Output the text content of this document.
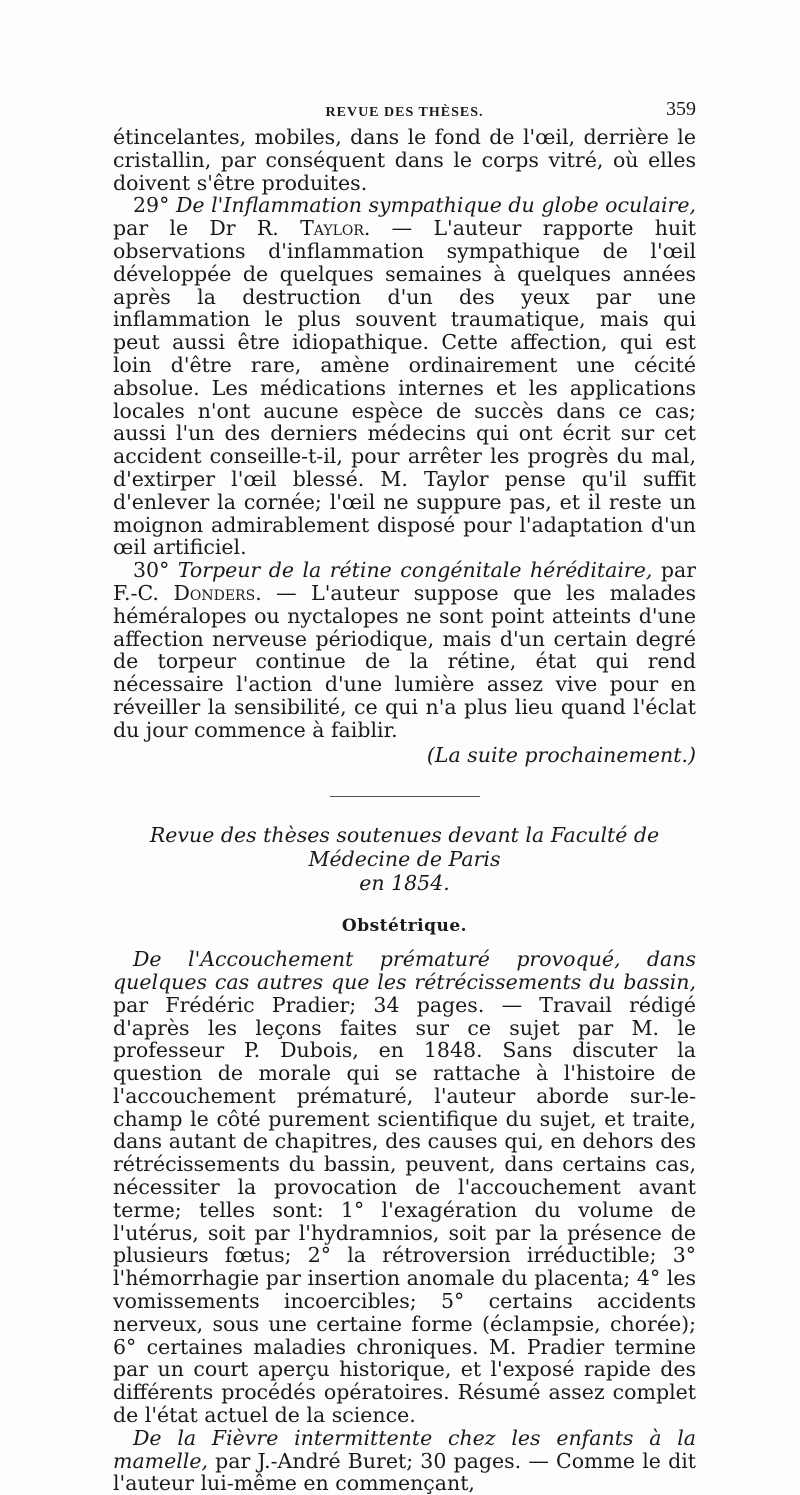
REVUE DES THÈSES.	359

étincelantes, mobiles, dans le fond de l'œil, derrière le cristallin, par conséquent dans le corps vitré, où elles doivent s'être produites.

29° De l'Inflammation sympathique du globe oculaire, par le Dr R. Taylor. — L'auteur rapporte huit observations d'inflammation sympathique de l'œil développée de quelques semaines à quelques années après la destruction d'un des yeux par une inflammation le plus souvent traumatique, mais qui peut aussi être idiopathique. Cette affection, qui est loin d'être rare, amène ordinairement une cécité absolue. Les médications internes et les applications locales n'ont aucune espèce de succès dans ce cas; aussi l'un des derniers médecins qui ont écrit sur cet accident conseille-t-il, pour arrêter les progrès du mal, d'extirper l'œil blessé. M. Taylor pense qu'il suffit d'enlever la cornée; l'œil ne suppure pas, et il reste un moignon admirablement disposé pour l'adaptation d'un œil artificiel.

30° Torpeur de la rétine congénitale héréditaire, par F.-C. Donders. — L'auteur suppose que les malades héméralopes ou nyctalopes ne sont point atteints d'une affection nerveuse périodique, mais d'un certain degré de torpeur continue de la rétine, état qui rend nécessaire l'action d'une lumière assez vive pour en réveiller la sensibilité, ce qui n'a plus lieu quand l'éclat du jour commence à faiblir.

(La suite prochainement.)

Revue des thèses soutenues devant la Faculté de Médecine de Paris
en 1854.

Obstétrique.

De l'Accouchement prématuré provoqué, dans quelques cas autres que les rétrécissements du bassin, par Frédéric Pradier; 34 pages. — Travail rédigé d'après les leçons faites sur ce sujet par M. le professeur P. Dubois, en 1848. Sans discuter la question de morale qui se rattache à l'histoire de l'accouchement prématuré, l'auteur aborde sur-le-champ le côté purement scientifique du sujet, et traite, dans autant de chapitres, des causes qui, en dehors des rétrécissements du bassin, peuvent, dans certains cas, nécessiter la provocation de l'accouchement avant terme; telles sont: 1° l'exagération du volume de l'utérus, soit par l'hydramnios, soit par la présence de plusieurs fœtus; 2° la rétroversion irréductible; 3° l'hémorrhagie par insertion anomale du placenta; 4° les vomissements incoercibles; 5° certains accidents nerveux, sous une certaine forme (éclampsie, chorée); 6° certaines maladies chroniques. M. Pradier termine par un court aperçu historique, et l'exposé rapide des différents procédés opératoires. Résumé assez complet de l'état actuel de la science.

De la Fièvre intermittente chez les enfants à la mamelle, par J.-André Buret; 30 pages. — Comme le dit l'auteur lui-même en commençant,
